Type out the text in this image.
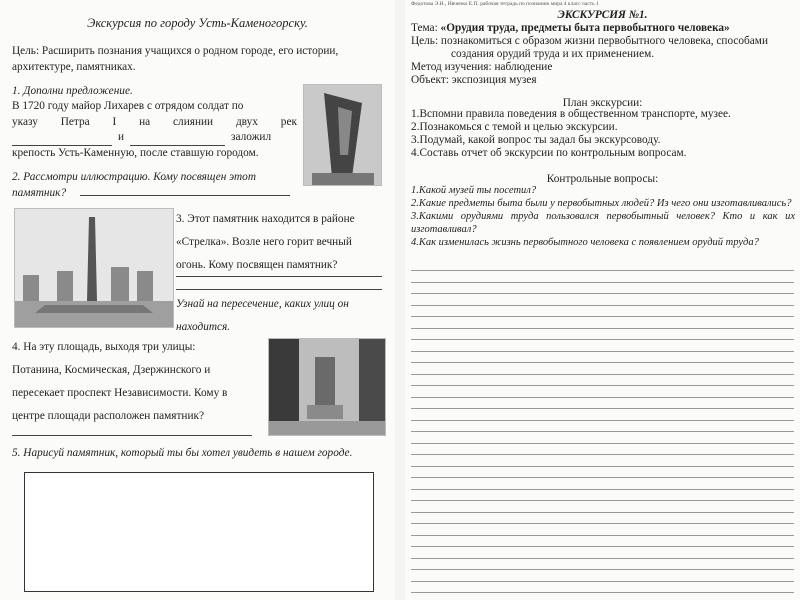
Экскурсия по городу Усть-Каменогорску.

Цель: Расширить познания учащихся о родном городе, его истории, архитектуре, памятниках.

1. Дополни предложение.

В 1720 году майор Лихарев с отрядом солдат по
указу Петра I на слиянии двух рек
и	заложил
крепость Усть-Каменную, после ставшую городом.

2. Рассмотри иллюстрацию. Кому посвящен этот памятник?

3. Этот памятник находится в районе
«Стрелка». Возле него горит вечный
огонь. Кому посвящен памятник?
Узнай на пересечение, каких улиц он
находится.
4. На эту площадь, выходя три улицы:
Потанина, Космическая, Дзержинского и
пересекает проспект Независимости. Кому в
центре площади расположен памятник?

5. Нарисуй памятник, который ты бы хотел увидеть в нашем городе.

Федотова Э.Н., Ивченко Е.П. рабочая тетрадь по познанию мира 4 класс часть 1

ЭКСКУРСИЯ №1.

Тема: «Орудия труда, предметы быта первобытного человека»
Цель: познакомиться с образом жизни первобытного человека, способами
создания орудий труда и их применением.
Метод изучения: наблюдение
Объект: экспозиция музея

План экскурсии:

1.Вспомни правила поведения в общественном транспорте, музее.
2.Познакомься с темой и целью экскурсии.
3.Подумай, какой вопрос ты задал бы экскурсоводу.
4.Составь отчет об экскурсии по контрольным вопросам.

Контрольные вопросы:

1.Какой музей ты посетил?
2.Какие предметы быта были у первобытных людей? Из чего они изготавливались?
3.Какими орудиями труда пользовался первобытный человек? Кто и как их изготавливал?
4.Как изменилась жизнь первобытного человека с появлением орудий труда?
